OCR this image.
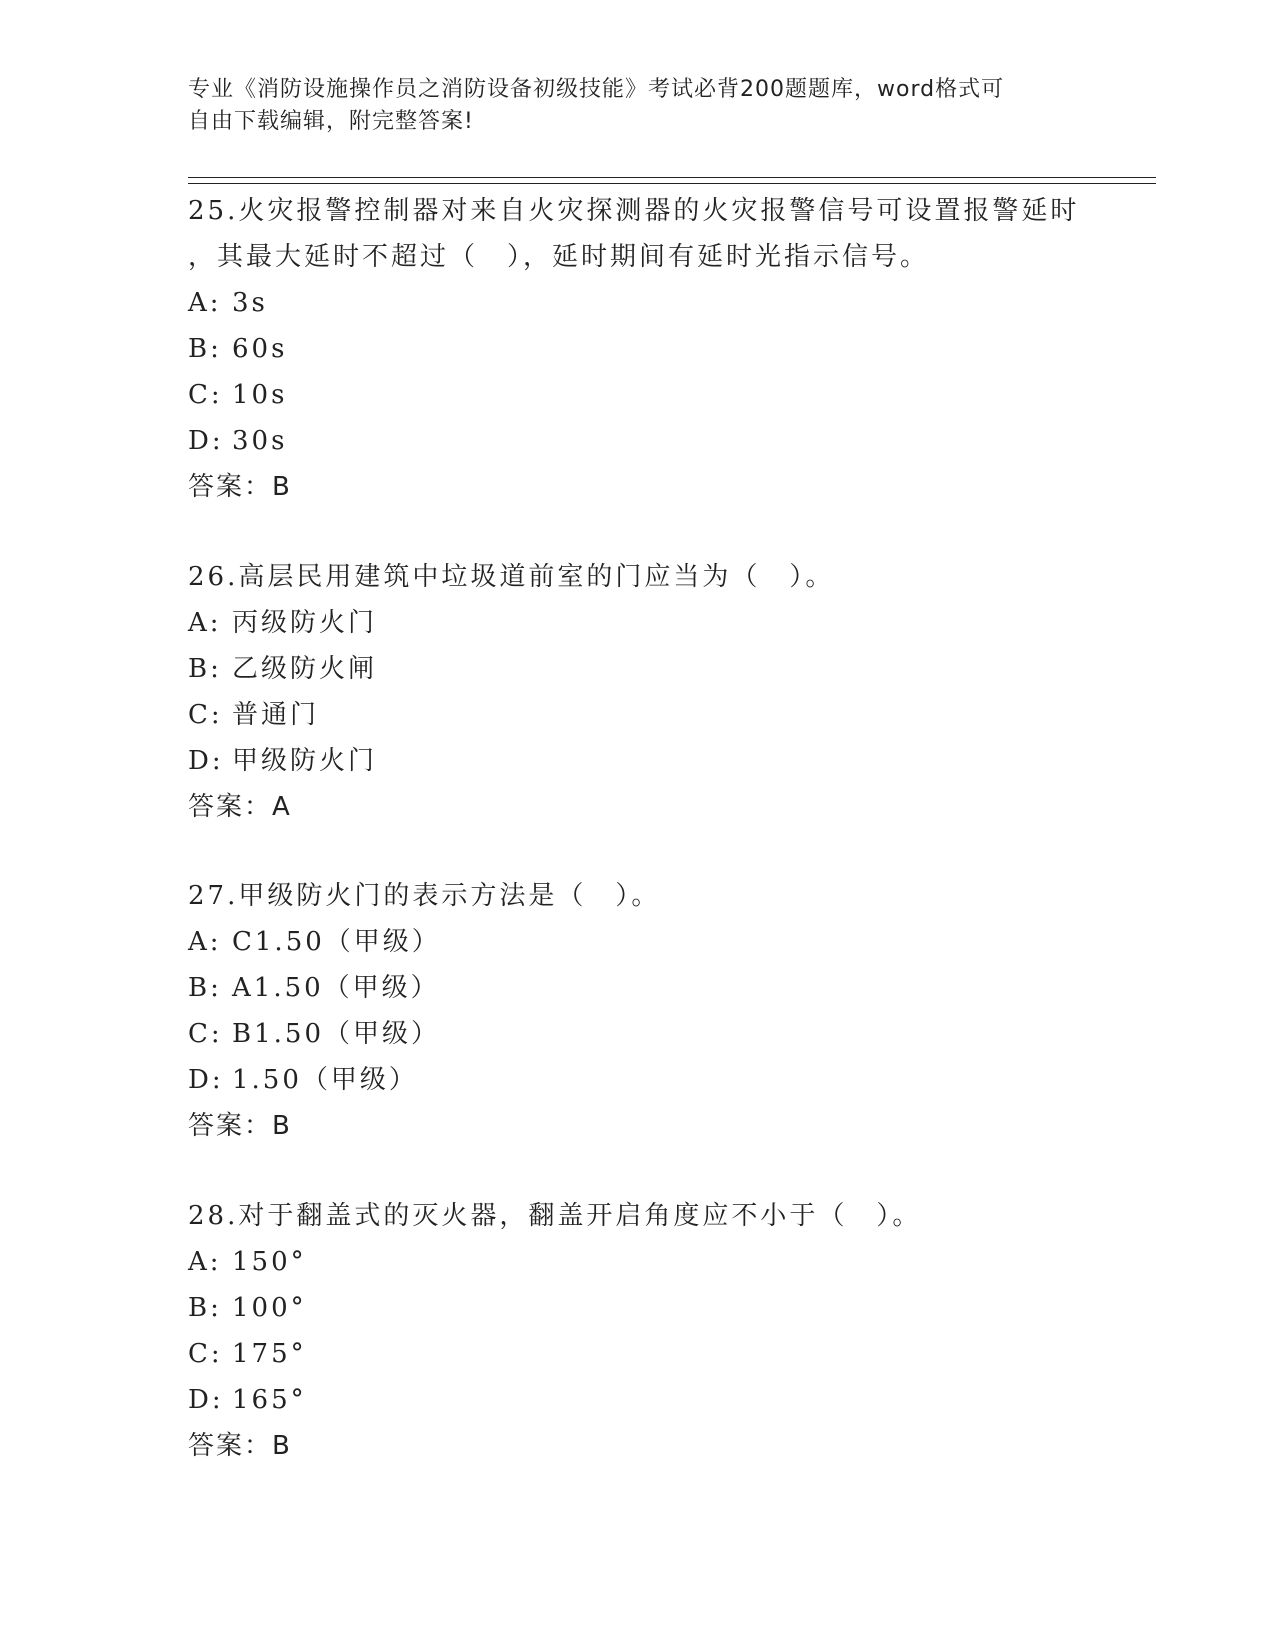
专业《消防设施操作员之消防设备初级技能》考试必背200题题库，word格式可
自由下载编辑，附完整答案!
25.火灾报警控制器对来自火灾探测器的火灾报警信号可设置报警延时
，其最大延时不超过（　），延时期间有延时光指示信号。
A: 3s
B: 60s
C: 10s
D: 30s
答案：B
26.高层民用建筑中垃圾道前室的门应当为（　）。
A: 丙级防火门
B: 乙级防火闸
C: 普通门
D: 甲级防火门
答案：A
27.甲级防火门的表示方法是（　）。
A: C1.50（甲级）
B: A1.50（甲级）
C: B1.50（甲级）
D: 1.50（甲级）
答案：B
28.对于翻盖式的灭火器，翻盖开启角度应不小于（　）。
A: 150°
B: 100°
C: 175°
D: 165°
答案：B
